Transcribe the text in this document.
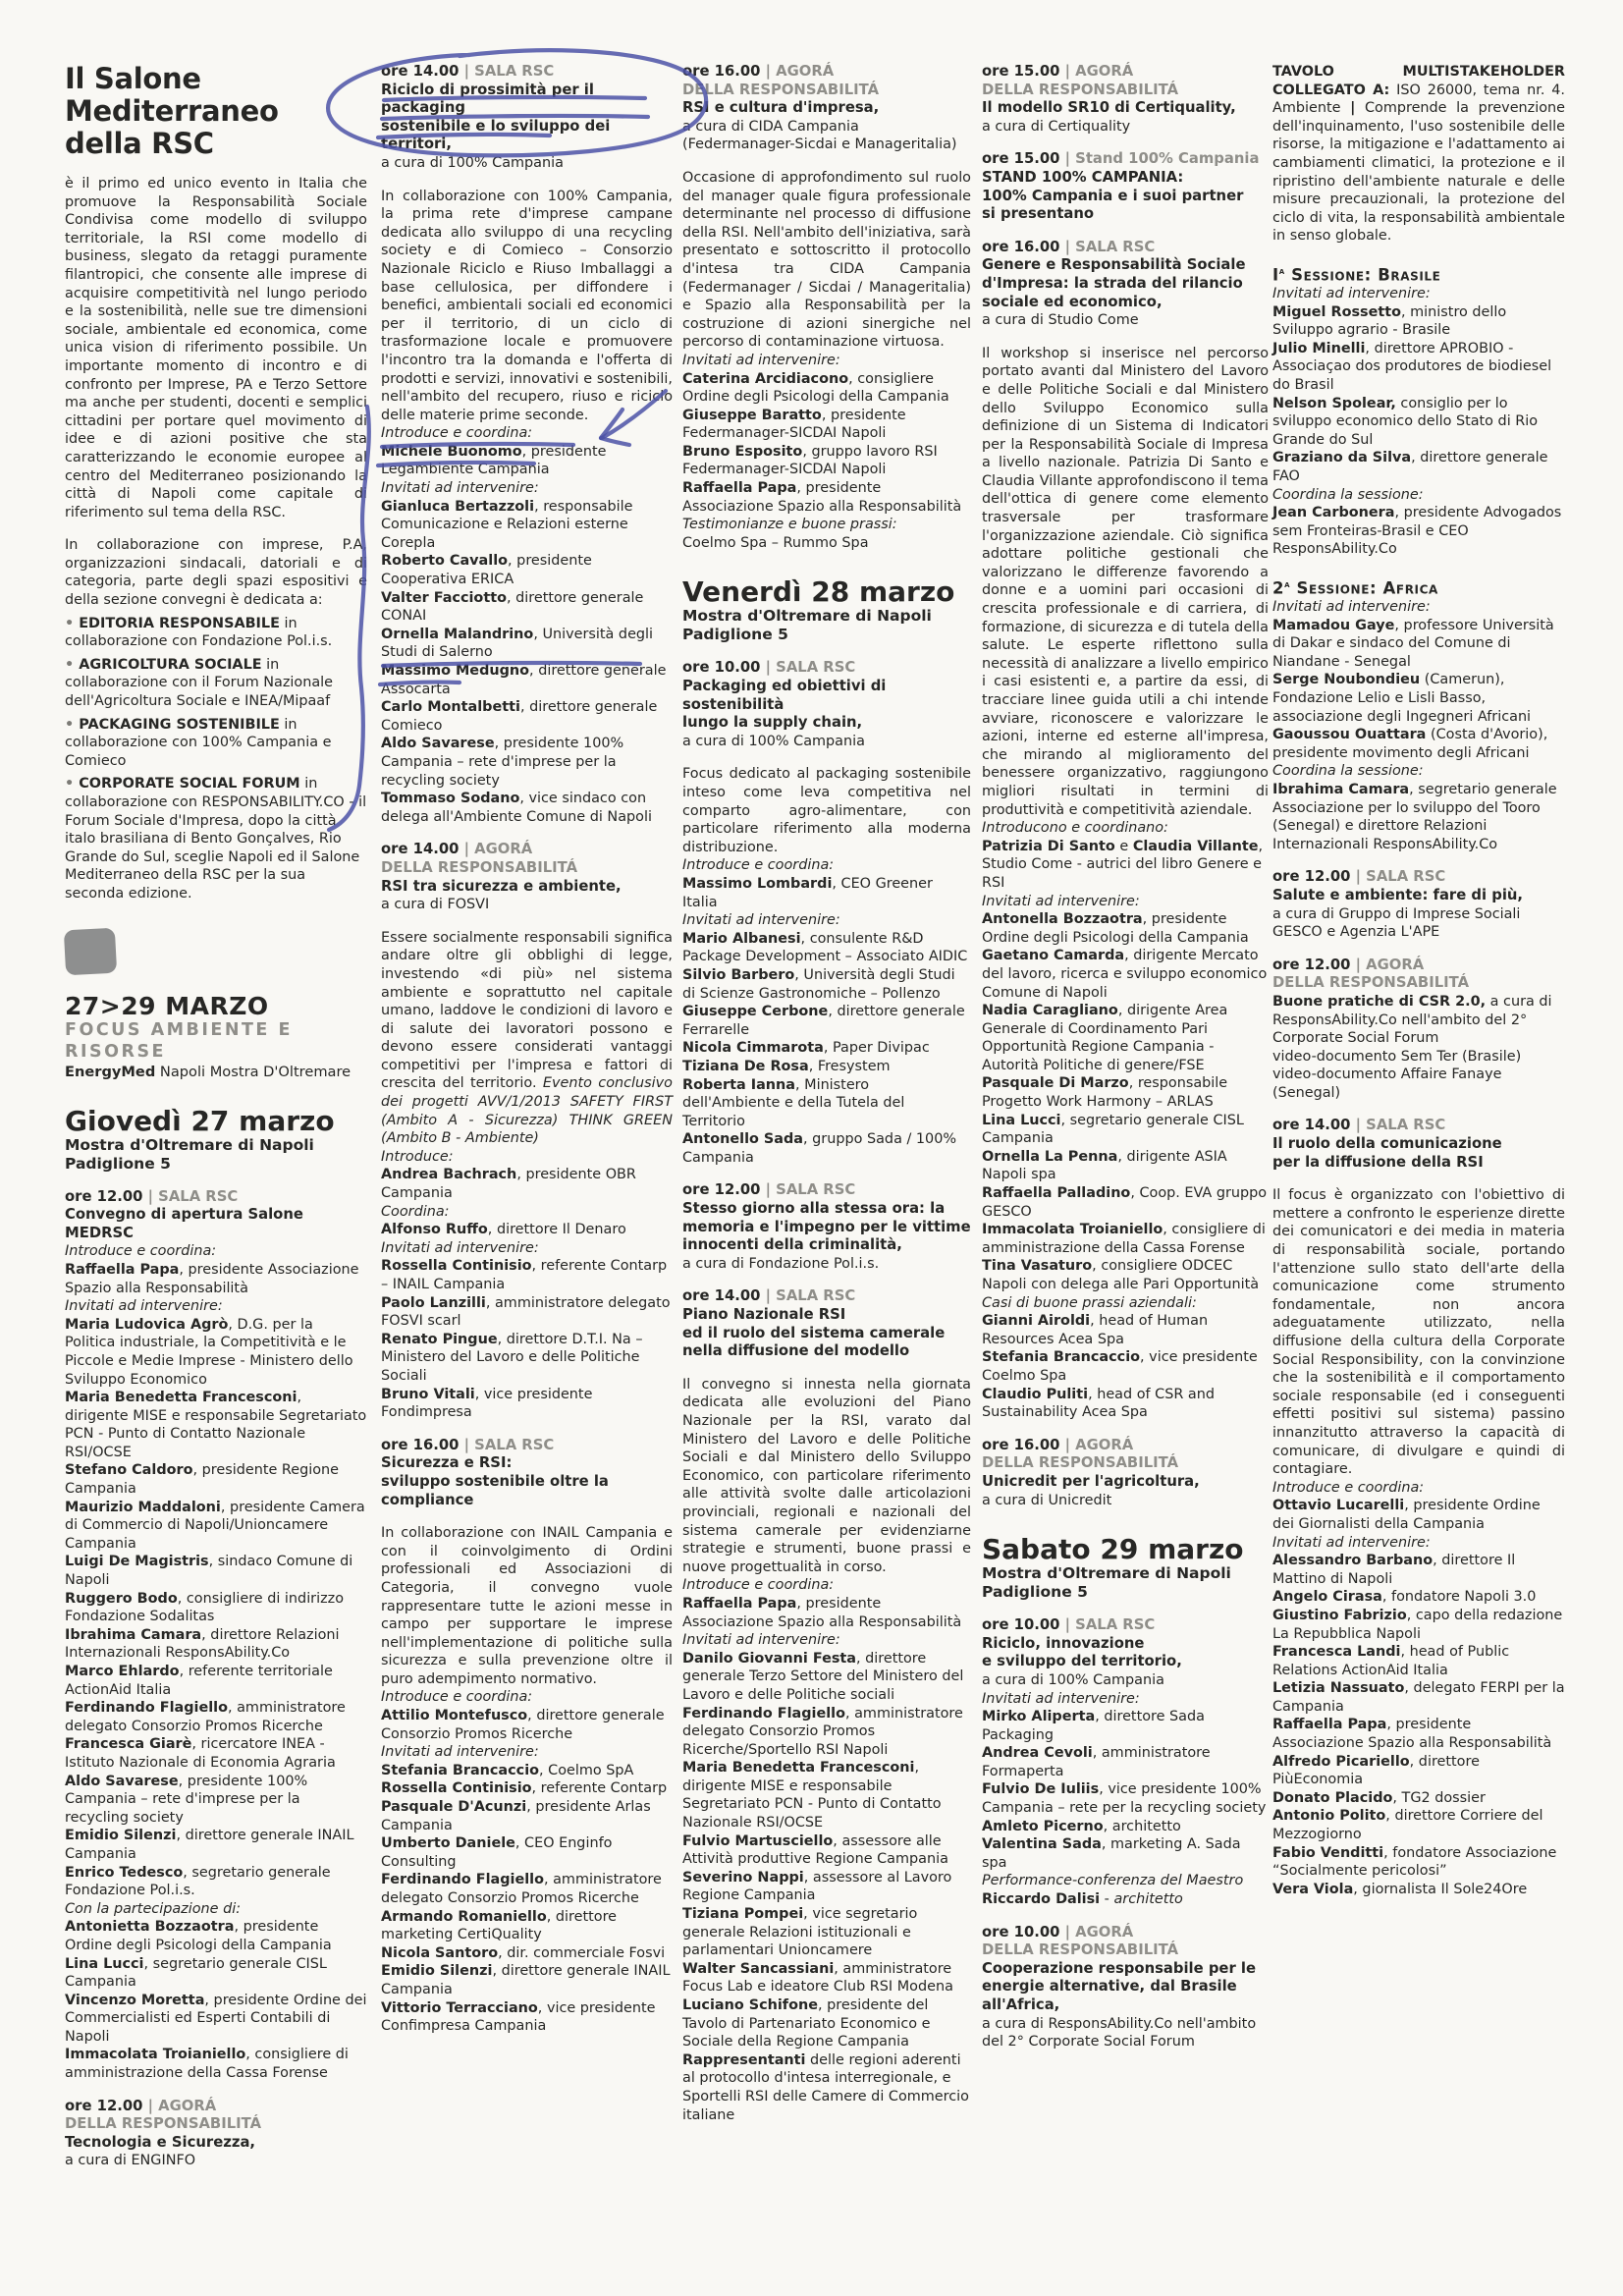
Il Salone Mediterraneo
della RSC
è il primo ed unico evento in Italia che promuove la Responsabilità Sociale Condivisa come modello di sviluppo territoriale, la RSI come modello di business, slegato da retaggi puramente filantropici, che consente alle imprese di acquisire competitività nel lungo periodo e la sostenibilità, nelle sue tre dimensioni sociale, ambientale ed economica, come unica vision di riferimento possibile. Un importante momento di incontro e di confronto per Imprese, PA e Terzo Settore ma anche per studenti, docenti e semplici cittadini per portare quel movimento di idee e di azioni positive che sta caratterizzando le economie europee al centro del Mediterraneo posizionando la città di Napoli come capitale di riferimento sul tema della RSC.
In collaborazione con imprese, P.A, organizzazioni sindacali, datoriali e di categoria, parte degli spazi espositivi e della sezione convegni è dedicata a:
• EDITORIA RESPONSABILE in collaborazione con Fondazione Pol.i.s.
• AGRICOLTURA SOCIALE in collaborazione con il Forum Nazionale dell'Agricoltura Sociale e INEA/Mipaaf
• PACKAGING SOSTENIBILE in collaborazione con 100% Campania e Comieco
• CORPORATE SOCIAL FORUM in collaborazione con RESPONSABILITY.CO - il Forum Sociale d'Impresa, dopo la città italo brasiliana di Bento Gonçalves, Rio Grande do Sul, sceglie Napoli ed il Salone Mediterraneo della RSC per la sua seconda edizione.
27>29 MARZO
FOCUS AMBIENTE E RISORSE
EnergyMed Napoli Mostra D'Oltremare
Giovedì 27 marzo
Mostra d'Oltremare di Napoli
Padiglione 5
ore 12.00 | SALA RSC
Convegno di apertura Salone MEDRSC
Introduce e coordina:
Raffaella Papa, presidente Associazione Spazio alla Responsabilità
Invitati ad intervenire:
Maria Ludovica Agrò, D.G. per la Politica industriale, la Competitività e le Piccole e Medie Imprese - Ministero dello Sviluppo Economico
Maria Benedetta Francesconi, dirigente MISE e responsabile Segretariato PCN - Punto di Contatto Nazionale RSI/OCSE
Stefano Caldoro, presidente Regione Campania
Maurizio Maddaloni, presidente Camera di Commercio di Napoli/Unioncamere Campania
Luigi De Magistris, sindaco Comune di Napoli
Ruggero Bodo, consigliere di indirizzo Fondazione Sodalitas
Ibrahima Camara, direttore Relazioni Internazionali ResponsAbility.Co
Marco Ehlardo, referente territoriale ActionAid Italia
Ferdinando Flagiello, amministratore delegato Consorzio Promos Ricerche
Francesca Giarè, ricercatore INEA - Istituto Nazionale di Economia Agraria
Aldo Savarese, presidente 100% Campania – rete d'imprese per la recycling society
Emidio Silenzi, direttore generale INAIL Campania
Enrico Tedesco, segretario generale Fondazione Pol.i.s.
Con la partecipazione di:
Antonietta Bozzaotra, presidente Ordine degli Psicologi della Campania
Lina Lucci, segretario generale CISL Campania
Vincenzo Moretta, presidente Ordine dei Commercialisti ed Esperti Contabili di Napoli
Immacolata Troianiello, consigliere di amministrazione della Cassa Forense
ore 12.00 | AGORÁ
DELLA RESPONSABILITÁ
Tecnologia e Sicurezza,
a cura di ENGINFO
ore 14.00 | SALA RSC
Riciclo di prossimità per il packaging
sostenibile e lo sviluppo dei territori,
a cura di 100% Campania
In collaborazione con 100% Campania, la prima rete d'imprese campane dedicata allo sviluppo di una recycling society e di Comieco – Consorzio Nazionale Riciclo e Riuso Imballaggi a base cellulosica, per diffondere i benefici, ambientali sociali ed economici per il territorio, di un ciclo di trasformazione locale e promuovere l'incontro tra la domanda e l'offerta di prodotti e servizi, innovativi e sostenibili, nell'ambito del recupero, riuso e riciclo delle materie prime seconde.
Introduce e coordina:
Michele Buonomo, presidente
Legambiente Campania
Invitati ad intervenire:
Gianluca Bertazzoli, responsabile Comunicazione e Relazioni esterne Corepla
Roberto Cavallo, presidente Cooperativa ERICA
Valter Facciotto, direttore generale CONAI
Ornella Malandrino, Università degli Studi di Salerno
Massimo Medugno, direttore generale
Assocarta
Carlo Montalbetti, direttore generale Comieco
Aldo Savarese, presidente 100% Campania – rete d'imprese per la recycling society
Tommaso Sodano, vice sindaco con delega all'Ambiente Comune di Napoli
ore 14.00 | AGORÁ
DELLA RESPONSABILITÁ
RSI tra sicurezza e ambiente,
a cura di FOSVI
Essere socialmente responsabili significa andare oltre gli obblighi di legge, investendo «di più» nel sistema ambiente e soprattutto nel capitale umano, laddove le condizioni di lavoro e di salute dei lavoratori possono e devono essere considerati vantaggi competitivi per l'impresa e fattori di crescita del territorio. Evento conclusivo dei progetti AVV/1/2013 SAFETY FIRST (Ambito A - Sicurezza) THINK GREEN (Ambito B - Ambiente)
Introduce:
Andrea Bachrach, presidente OBR Campania
Coordina:
Alfonso Ruffo, direttore Il Denaro
Invitati ad intervenire:
Rossella Continisio, referente Contarp – INAIL Campania
Paolo Lanzilli, amministratore delegato FOSVI scarl
Renato Pingue, direttore D.T.I. Na – Ministero del Lavoro e delle Politiche Sociali
Bruno Vitali, vice presidente Fondimpresa
ore 16.00 | SALA RSC
Sicurezza e RSI:
sviluppo sostenibile oltre la compliance
In collaborazione con INAIL Campania e con il coinvolgimento di Ordini professionali ed Associazioni di Categoria, il convegno vuole rappresentare tutte le azioni messe in campo per supportare le imprese nell'implementazione di politiche sulla sicurezza e sulla prevenzione oltre il puro adempimento normativo.
Introduce e coordina:
Attilio Montefusco, direttore generale Consorzio Promos Ricerche
Invitati ad intervenire:
Stefania Brancaccio, Coelmo SpA
Rossella Continisio, referente Contarp
Pasquale D'Acunzi, presidente Arlas Campania
Umberto Daniele, CEO Enginfo Consulting
Ferdinando Flagiello, amministratore delegato Consorzio Promos Ricerche
Armando Romaniello, direttore marketing CertiQuality
Nicola Santoro, dir. commerciale Fosvi
Emidio Silenzi, direttore generale INAIL Campania
Vittorio Terracciano, vice presidente Confimpresa Campania
ore 16.00 | AGORÁ
DELLA RESPONSABILITÁ
RSI e cultura d'impresa,
a cura di CIDA Campania
(Federmanager-Sicdai e Manageritalia)
Occasione di approfondimento sul ruolo del manager quale figura professionale determinante nel processo di diffusione della RSI. Nell'ambito dell'iniziativa, sarà presentato e sottoscritto il protocollo d'intesa tra CIDA Campania (Federmanager / Sicdai / Manageritalia) e Spazio alla Responsabilità per la costruzione di azioni sinergiche nel percorso di contaminazione virtuosa.
Invitati ad intervenire:
Caterina Arcidiacono, consigliere Ordine degli Psicologi della Campania
Giuseppe Baratto, presidente Federmanager-SICDAI Napoli
Bruno Esposito, gruppo lavoro RSI Federmanager-SICDAI Napoli
Raffaella Papa, presidente Associazione Spazio alla Responsabilità
Testimonianze e buone prassi:
Coelmo Spa – Rummo Spa
Venerdì 28 marzo
Mostra d'Oltremare di Napoli
Padiglione 5
ore 10.00 | SALA RSC
Packaging ed obiettivi di sostenibilità
lungo la supply chain,
a cura di 100% Campania
Focus dedicato al packaging sostenibile inteso come leva competitiva nel comparto agro-alimentare, con particolare riferimento alla moderna distribuzione.
Introduce e coordina:
Massimo Lombardi, CEO Greener Italia
Invitati ad intervenire:
Mario Albanesi, consulente R&D Package Development – Associato AIDIC
Silvio Barbero, Università degli Studi di Scienze Gastronomiche – Pollenzo
Giuseppe Cerbone, direttore generale Ferrarelle
Nicola Cimmarota, Paper Divipac
Tiziana De Rosa, Fresystem
Roberta Ianna, Ministero dell'Ambiente e della Tutela del Territorio
Antonello Sada, gruppo Sada / 100% Campania
ore 12.00 | SALA RSC
Stesso giorno alla stessa ora: la
memoria e l'impegno per le vittime
innocenti della criminalità,
a cura di Fondazione Pol.i.s.
ore 14.00 | SALA RSC
Piano Nazionale RSI
ed il ruolo del sistema camerale
nella diffusione del modello
Il convegno si innesta nella giornata dedicata alle evoluzioni del Piano Nazionale per la RSI, varato dal Ministero del Lavoro e delle Politiche Sociali e dal Ministero dello Sviluppo Economico, con particolare riferimento alle attività svolte dalle articolazioni provinciali, regionali e nazionali del sistema camerale per evidenziarne strategie e strumenti, buone prassi e nuove progettualità in corso.
Introduce e coordina:
Raffaella Papa, presidente Associazione Spazio alla Responsabilità
Invitati ad intervenire:
Danilo Giovanni Festa, direttore generale Terzo Settore del Ministero del Lavoro e delle Politiche sociali
Ferdinando Flagiello, amministratore delegato Consorzio Promos Ricerche/Sportello RSI Napoli
Maria Benedetta Francesconi, dirigente MISE e responsabile Segretariato PCN - Punto di Contatto Nazionale RSI/OCSE
Fulvio Martusciello, assessore alle Attività produttive Regione Campania
Severino Nappi, assessore al Lavoro Regione Campania
Tiziana Pompei, vice segretario generale Relazioni istituzionali e parlamentari Unioncamere
Walter Sancassiani, amministratore Focus Lab e ideatore Club RSI Modena
Luciano Schifone, presidente del Tavolo di Partenariato Economico e Sociale della Regione Campania
Rappresentanti delle regioni aderenti al protocollo d'intesa interregionale, e Sportelli RSI delle Camere di Commercio italiane
ore 15.00 | AGORÁ
DELLA RESPONSABILITÁ
Il modello SR10 di Certiquality,
a cura di Certiquality
ore 15.00 | Stand 100% Campania
STAND 100% CAMPANIA:
100% Campania e i suoi partner
si presentano
ore 16.00 | SALA RSC
Genere e Responsabilità Sociale
d'Impresa: la strada del rilancio
sociale ed economico,
a cura di Studio Come
Il workshop si inserisce nel percorso portato avanti dal Ministero del Lavoro e delle Politiche Sociali e dal Ministero dello Sviluppo Economico sulla definizione di un Sistema di Indicatori per la Responsabilità Sociale di Impresa a livello nazionale. Patrizia Di Santo e Claudia Villante approfondiscono il tema dell'ottica di genere come elemento trasversale per trasformare l'organizzazione aziendale. Ciò significa adottare politiche gestionali che valorizzano le differenze favorendo a donne e a uomini pari occasioni di crescita professionale e di carriera, di formazione, di sicurezza e di tutela della salute. Le esperte riflettono sulla necessità di analizzare a livello empirico i casi esistenti e, a partire da essi, di tracciare linee guida utili a chi intende avviare, riconoscere e valorizzare le azioni, interne ed esterne all'impresa, che mirando al miglioramento del benessere organizzativo, raggiungono migliori risultati in termini di produttività e competitività aziendale.
Introducono e coordinano:
Patrizia Di Santo e Claudia Villante, Studio Come - autrici del libro Genere e RSI
Invitati ad intervenire:
Antonella Bozzaotra, presidente Ordine degli Psicologi della Campania
Gaetano Camarda, dirigente Mercato del lavoro, ricerca e sviluppo economico Comune di Napoli
Nadia Caragliano, dirigente Area Generale di Coordinamento Pari Opportunità Regione Campania - Autorità Politiche di genere/FSE
Pasquale Di Marzo, responsabile Progetto Work Harmony – ARLAS
Lina Lucci, segretario generale CISL Campania
Ornella La Penna, dirigente ASIA Napoli spa
Raffaella Palladino, Coop. EVA gruppo GESCO
Immacolata Troianiello, consigliere di amministrazione della Cassa Forense
Tina Vasaturo, consigliere ODCEC Napoli con delega alle Pari Opportunità
Casi di buone prassi aziendali:
Gianni Airoldi, head of Human Resources Acea Spa
Stefania Brancaccio, vice presidente Coelmo Spa
Claudio Puliti, head of CSR and Sustainability Acea Spa
ore 16.00 | AGORÁ
DELLA RESPONSABILITÁ
Unicredit per l'agricoltura,
a cura di Unicredit
Sabato 29 marzo
Mostra d'Oltremare di Napoli
Padiglione 5
ore 10.00 | SALA RSC
Riciclo, innovazione
e sviluppo del territorio,
a cura di 100% Campania
Invitati ad intervenire:
Mirko Aliperta, direttore Sada Packaging
Andrea Cevoli, amministratore Formaperta
Fulvio De Iuliis, vice presidente 100% Campania – rete per la recycling society
Amleto Picerno, architetto
Valentina Sada, marketing A. Sada spa
Performance-conferenza del Maestro
Riccardo Dalisi - architetto
ore 10.00 | AGORÁ
DELLA RESPONSABILITÁ
Cooperazione responsabile per le
energie alternative, dal Brasile all'Africa,
a cura di ResponsAbility.Co nell'ambito del 2° Corporate Social Forum
TAVOLO MULTISTAKEHOLDER COLLEGATO A: ISO 26000, tema nr. 4. Ambiente | Comprende la prevenzione dell'inquinamento, l'uso sostenibile delle risorse, la mitigazione e l'adattamento ai cambiamenti climatici, la protezione e il ripristino dell'ambiente naturale e delle misure precauzionali, la protezione del ciclo di vita, la responsabilità ambientale in senso globale.
$I^a$ Sessione: Brasile
Invitati ad intervenire:
Miguel Rossetto, ministro dello Sviluppo agrario - Brasile
Julio Minelli, direttore APROBIO - Associaçao dos produtores de biodiesel do Brasil
Nelson Spolear, consiglio per lo sviluppo economico dello Stato di Rio Grande do Sul
Graziano da Silva, direttore generale FAO
Coordina la sessione:
Jean Carbonera, presidente Advogados sem Fronteiras-Brasil e CEO ResponsAbility.Co
2$^a$ Sessione: Africa
Invitati ad intervenire:
Mamadou Gaye, professore Università di Dakar e sindaco del Comune di Niandane - Senegal
Serge Noubondieu (Camerun), Fondazione Lelio e Lisli Basso, associazione degli Ingegneri Africani
Gaoussou Ouattara (Costa d'Avorio), presidente movimento degli Africani
Coordina la sessione:
Ibrahima Camara, segretario generale Associazione per lo sviluppo del Tooro (Senegal) e direttore Relazioni Internazionali ResponsAbility.Co
ore 12.00 | SALA RSC
Salute e ambiente: fare di più,
a cura di Gruppo di Imprese Sociali GESCO e Agenzia L'APE
ore 12.00 | AGORÁ
DELLA RESPONSABILITÁ
Buone pratiche di CSR 2.0, a cura di ResponsAbility.Co nell'ambito del 2° Corporate Social Forum
video-documento Sem Ter (Brasile)
video-documento Affaire Fanaye
(Senegal)
ore 14.00 | SALA RSC
Il ruolo della comunicazione
per la diffusione della RSI
Il focus è organizzato con l'obiettivo di mettere a confronto le esperienze dirette dei comunicatori e dei media in materia di responsabilità sociale, portando l'attenzione sullo stato dell'arte della comunicazione come strumento fondamentale, non ancora adeguatamente utilizzato, nella diffusione della cultura della Corporate Social Responsibility, con la convinzione che la sostenibilità e il comportamento sociale responsabile (ed i conseguenti effetti positivi sul sistema) passino innanzitutto attraverso la capacità di comunicare, di divulgare e quindi di contagiare.
Introduce e coordina:
Ottavio Lucarelli, presidente Ordine dei Giornalisti della Campania
Invitati ad intervenire:
Alessandro Barbano, direttore Il Mattino di Napoli
Angelo Cirasa, fondatore Napoli 3.0
Giustino Fabrizio, capo della redazione La Repubblica Napoli
Francesca Landi, head of Public Relations ActionAid Italia
Letizia Nassuato, delegato FERPI per la Campania
Raffaella Papa, presidente Associazione Spazio alla Responsabilità
Alfredo Picariello, direttore PiùEconomia
Donato Placido, TG2 dossier
Antonio Polito, direttore Corriere del Mezzogiorno
Fabio Venditti, fondatore Associazione “Socialmente pericolosi”
Vera Viola, giornalista Il Sole24Ore
